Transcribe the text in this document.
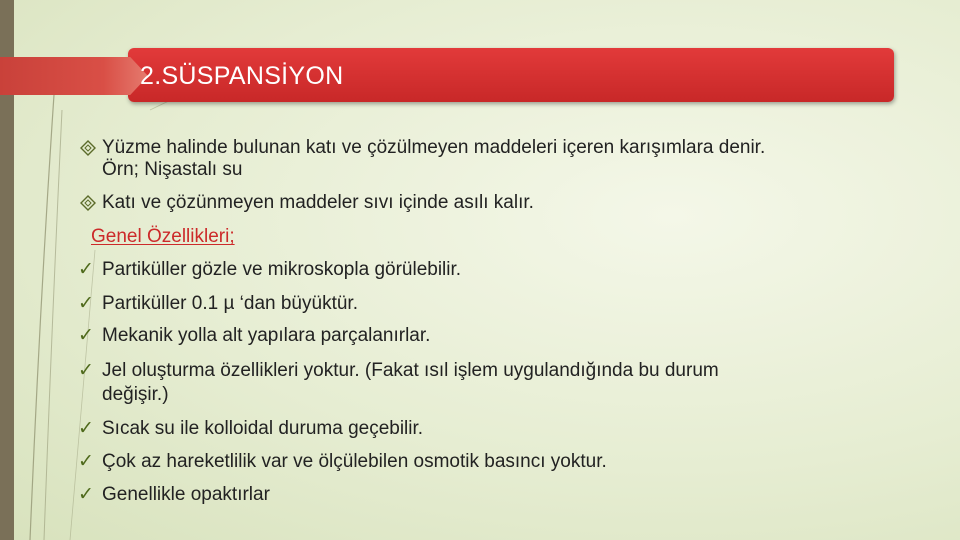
2.SÜSPANSİYON
Yüzme halinde bulunan katı ve çözülmeyen maddeleri içeren karışımlara denir.
Örn; Nişastalı su
Katı ve çözünmeyen maddeler sıvı içinde asılı kalır.
Genel Özellikleri;
✓ Partiküller gözle ve mikroskopla görülebilir.
✓ Partiküller 0.1 µ ‘dan büyüktür.
✓ Mekanik yolla alt yapılara parçalanırlar.
✓ Jel oluşturma özellikleri yoktur. (Fakat ısıl işlem uygulandığında bu durum
değişir.)
✓ Sıcak su ile kolloidal duruma geçebilir.
✓ Çok az hareketlilik var ve ölçülebilen osmotik basıncı yoktur.
✓ Genellikle opaktırlar
